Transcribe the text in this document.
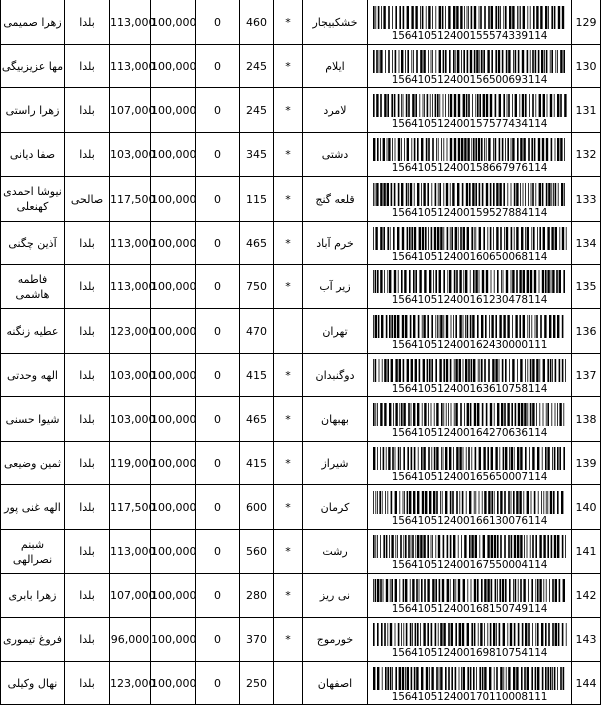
زهرا صمیمی	بلدا	113,000	100,000	0	460	*	خشکبیجار	156410512400155574339114	129
مها عزیزبیگی	بلدا	113,000	100,000	0	245	*	ایلام	156410512400156500693114	130
زهرا راستی	بلدا	107,000	100,000	0	245	*	لامرد	156410512400157577434114	131
صفا دیانی	بلدا	103,000	100,000	0	345	*	دشتی	156410512400158667976114	132
نیوشا احمدی کهنعلی	صالحی	117,500	100,000	0	115	*	قلعه گنج	156410512400159527884114	133
آذین چگنی	بلدا	113,000	100,000	0	465	*	خرم آباد	156410512400160650068114	134
فاطمه هاشمی	بلدا	113,000	100,000	0	750	*	زیر آب	156410512400161230478114	135
عطیه زنگنه	بلدا	123,000	100,000	0	470		تهران	156410512400162430000111	136
الهه وحدتی	بلدا	103,000	100,000	0	415	*	دوگنبدان	156410512400163610758114	137
شیوا حسنی	بلدا	103,000	100,000	0	465	*	بهبهان	156410512400164270636114	138
ثمین وضیعی	بلدا	119,000	100,000	0	415	*	شیراز	156410512400165650007114	139
الهه غنی پور	بلدا	117,500	100,000	0	600	*	کرمان	156410512400166130076114	140
شبنم نصرالهی	بلدا	113,000	100,000	0	560	*	رشت	156410512400167550004114	141
زهرا بابری	بلدا	107,000	100,000	0	280	*	نی ریز	156410512400168150749114	142
فروغ تیموری	بلدا	96,000	100,000	0	370	*	خورموج	156410512400169810754114	143
نهال وکیلی	بلدا	123,000	100,000	0	250		اصفهان	156410512400170110008111	144
